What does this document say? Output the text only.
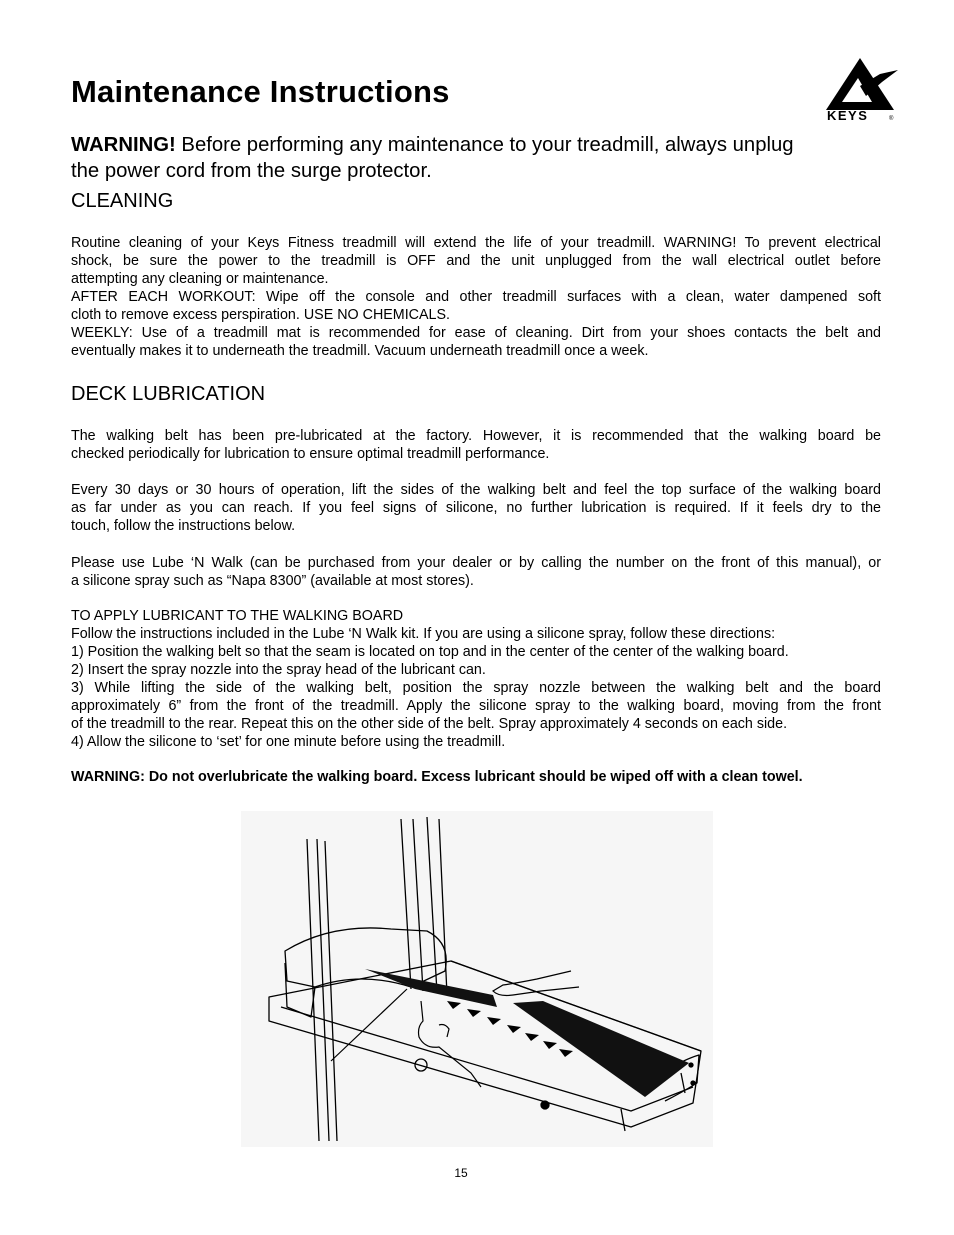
Maintenance Instructions
KEYS	®

WARNING! Before performing any maintenance to your treadmill, always unplug
the power cord from the surge protector.

CLEANING

Routine cleaning of your Keys Fitness treadmill will extend the life of your treadmill. WARNING! To prevent electrical
shock, be sure the power to the treadmill is OFF and the unit unplugged from the wall electrical outlet before
attempting any cleaning or maintenance.
AFTER EACH WORKOUT: Wipe off the console and other treadmill surfaces with a clean, water dampened soft
cloth to remove excess perspiration. USE NO CHEMICALS.
WEEKLY: Use of a treadmill mat is recommended for ease of cleaning. Dirt from your shoes contacts the belt and
eventually makes it to underneath the treadmill. Vacuum underneath treadmill once a week.

DECK LUBRICATION

The walking belt has been pre-lubricated at the factory. However, it is recommended that the walking board be
checked periodically for lubrication to ensure optimal treadmill performance.

Every 30 days or 30 hours of operation, lift the sides of the walking belt and feel the top surface of the walking board
as far under as you can reach. If you feel signs of silicone, no further lubrication is required. If it feels dry to the
touch, follow the instructions below.

Please use Lube ‘N Walk (can be purchased from your dealer or by calling the number on the front of this manual), or
a silicone spray such as “Napa 8300” (available at most stores).

TO APPLY LUBRICANT TO THE WALKING BOARD
Follow the instructions included in the Lube ‘N Walk kit. If you are using a silicone spray, follow these directions:
1) Position the walking belt so that the seam is located on top and in the center of the center of the walking board.
2) Insert the spray nozzle into the spray head of the lubricant can.
3) While lifting the side of the walking belt, position the spray nozzle between the walking belt and the board
approximately 6” from the front of the treadmill. Apply the silicone spray to the walking board, moving from the front
of the treadmill to the rear. Repeat this on the other side of the belt. Spray approximately 4 seconds on each side.
4) Allow the silicone to ‘set’ for one minute before using the treadmill.

WARNING: Do not overlubricate the walking board. Excess lubricant should be wiped off with a clean towel.

15
